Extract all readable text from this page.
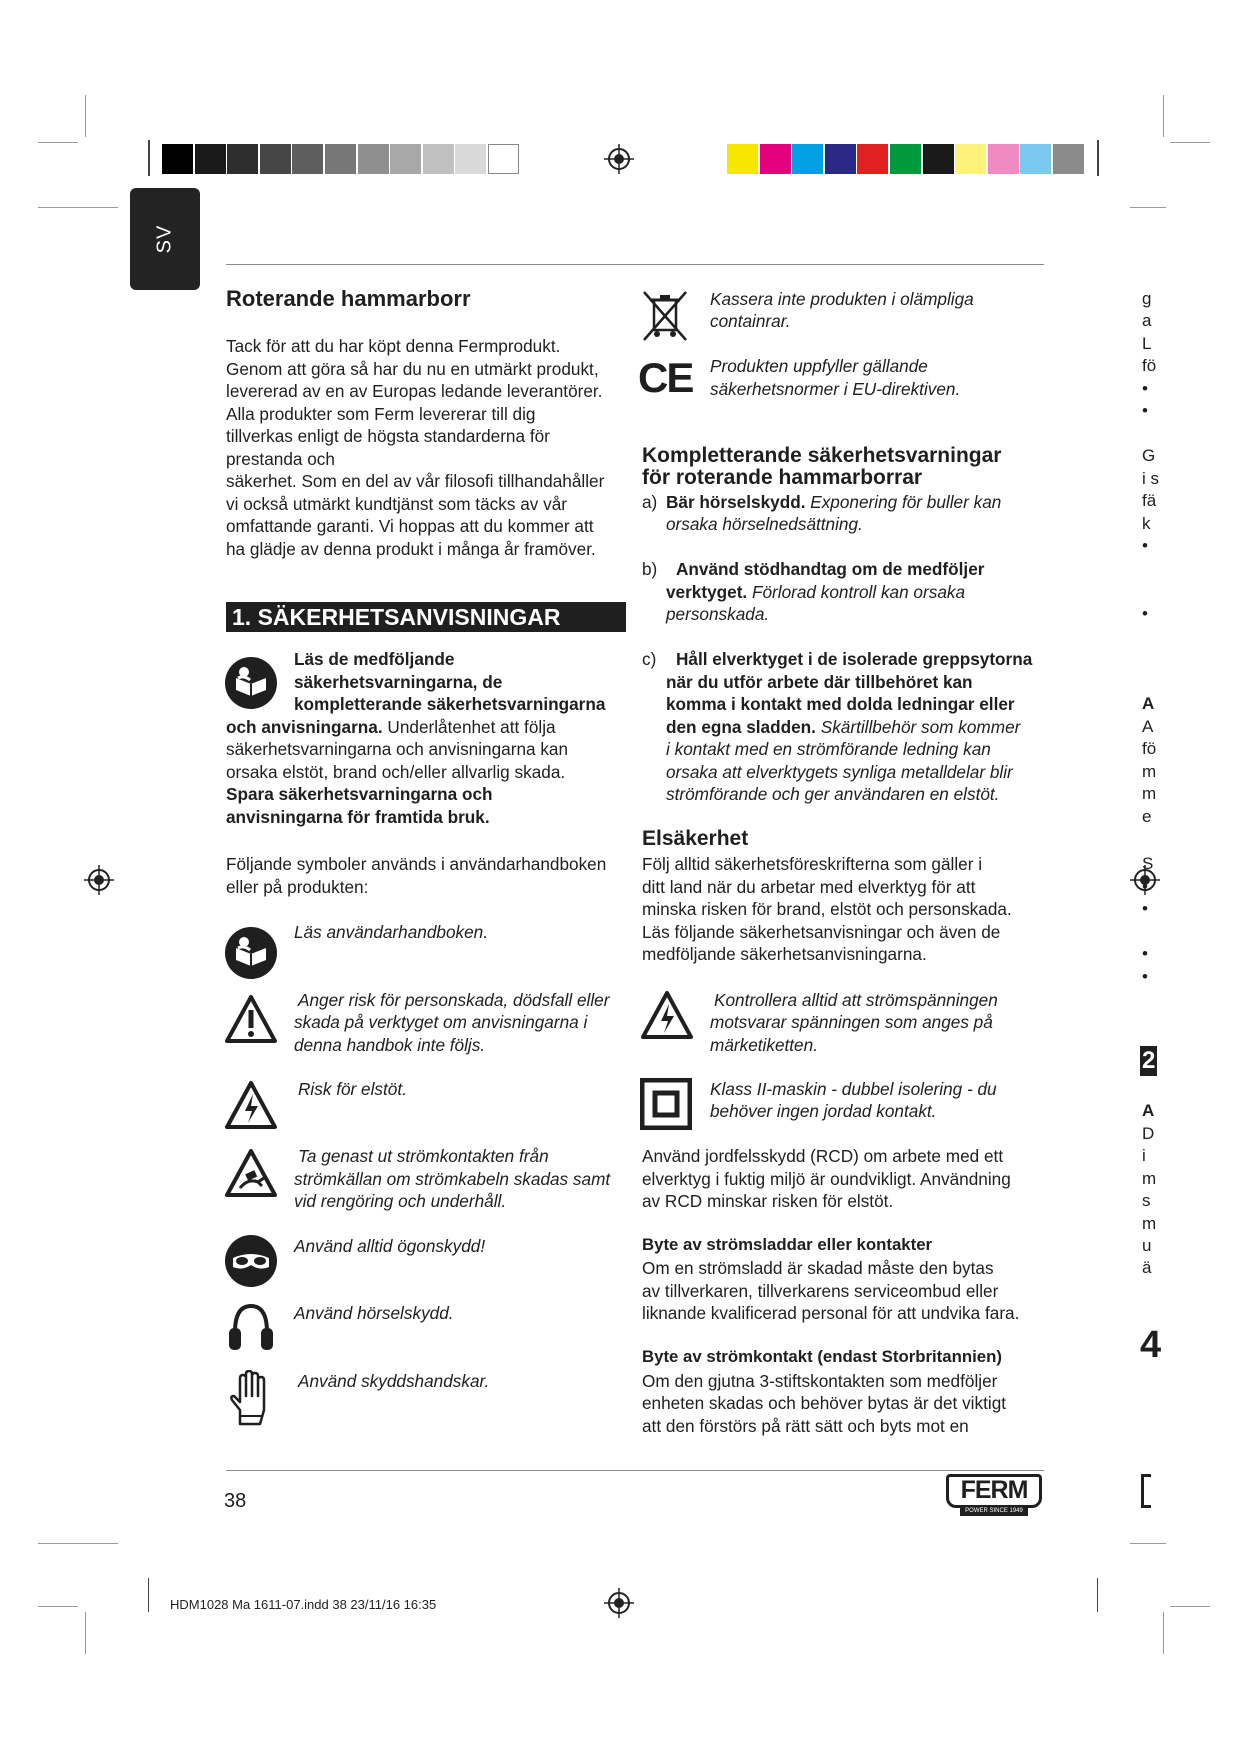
SV
Roterande hammarborr

Tack för att du har köpt denna Fermprodukt.

Genom att göra så har du nu en utmärkt produkt,

levererad av en av Europas ledande leverantörer.

Alla produkter som Ferm levererar till dig

tillverkas enligt de högsta standarderna för

prestanda och

säkerhet. Som en del av vår filosofi tillhandahåller

vi också utmärkt kundtjänst som täcks av vår

omfattande garanti. Vi hoppas att du kommer att

ha glädje av denna produkt i många år framöver.

1. SÄKERHETSANVISNINGAR

Läs de medföljande

säkerhetsvarningarna, de

kompletterande säkerhetsvarningarna

och anvisningarna. Underlåtenhet att följa

säkerhetsvarningarna och anvisningarna kan

orsaka elstöt, brand och/eller allvarlig skada.

Spara säkerhetsvarningarna och

anvisningarna för framtida bruk.

Följande symboler används i användarhandboken

eller på produkten:

Läs användarhandboken.

Anger risk för personskada, dödsfall eller

skada på verktyget om anvisningarna i

denna handbok inte följs.

Risk för elstöt.

Ta genast ut strömkontakten från

strömkällan om strömkabeln skadas samt

vid rengöring och underhåll.

Använd alltid ögonskydd!

Använd hörselskydd.

Använd skyddshandskar.

Kassera inte produkten i olämpliga

containrar.

CE Produkten uppfyller gällande

säkerhetsnormer i EU-direktiven.

Kompletterande säkerhetsvarningar
för roterande hammarborrar

a) Bär hörselskydd. Exponering för buller kan

orsaka hörselnedsättning.

b) Använd stödhandtag om de medföljer

verktyget. Förlorad kontroll kan orsaka

personskada.

c) Håll elverktyget i de isolerade greppsytorna

när du utför arbete där tillbehöret kan

komma i kontakt med dolda ledningar eller

den egna sladden. Skärtillbehör som kommer

i kontakt med en strömförande ledning kan

orsaka att elverktygets synliga metalldelar blir

strömförande och ger användaren en elstöt.

Elsäkerhet

Följ alltid säkerhetsföreskrifterna som gäller i

ditt land när du arbetar med elverktyg för att

minska risken för brand, elstöt och personskada.

Läs följande säkerhetsanvisningar och även de

medföljande säkerhetsanvisningarna.

Kontrollera alltid att strömspänningen

motsvarar spänningen som anges på

märketiketten.

Klass II-maskin - dubbel isolering - du

behöver ingen jordad kontakt.

Använd jordfelsskydd (RCD) om arbete med ett

elverktyg i fuktig miljö är oundvikligt. Användning

av RCD minskar risken för elstöt.

Byte av strömsladdar eller kontakter

Om en strömsladd är skadad måste den bytas

av tillverkaren, tillverkarens serviceombud eller

liknande kvalificerad personal för att undvika fara.

Byte av strömkontakt (endast Storbritannien)

Om den gjutna 3-stiftskontakten som medföljer

enheten skadas och behöver bytas är det viktigt

att den förstörs på rätt sätt och byts mot en

g

a

L

fö

•

•

G

i s

fä

k

•

•

A

A

fö

m

m

e

S

•

•

•

•

2

A

D

i

m

s

m

u

ä

4

38	FERM
POWER SINCE 1949
HDM1028 Ma 1611-07.indd 38 23/11/16 16:35
